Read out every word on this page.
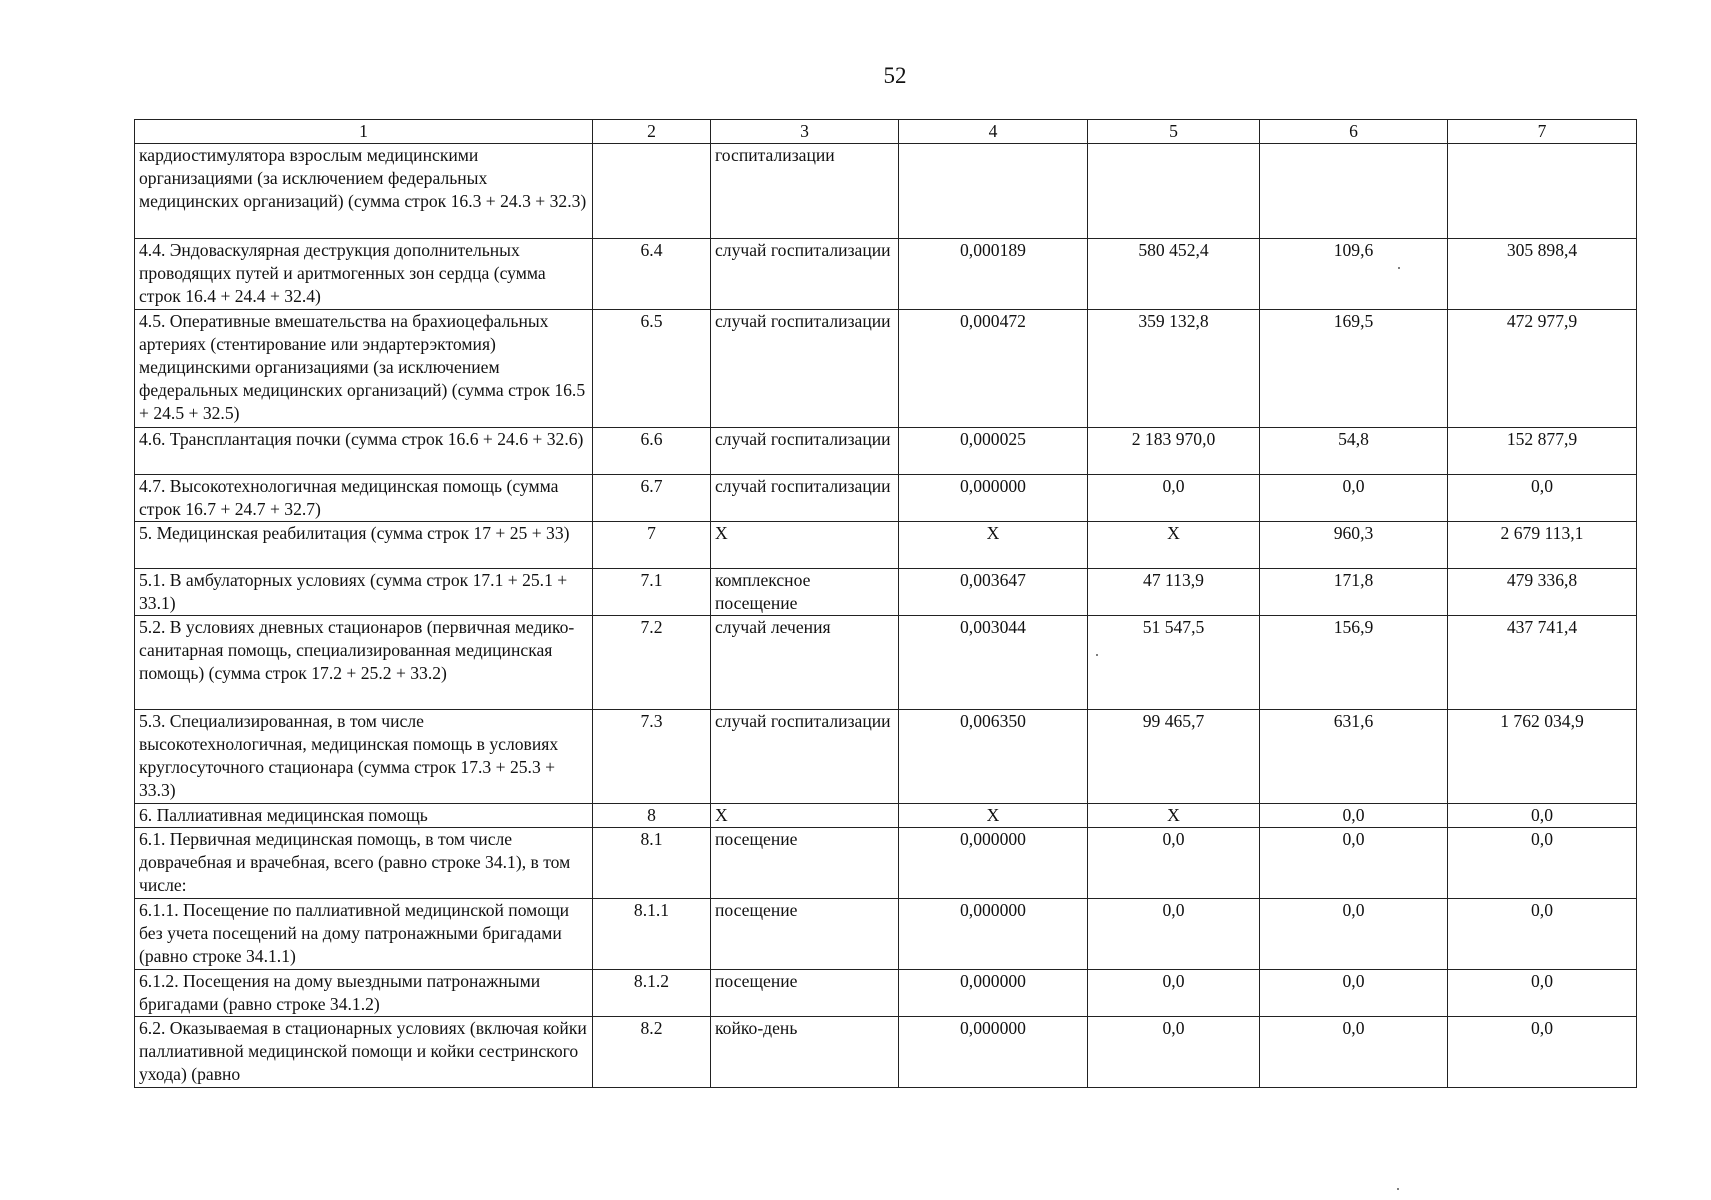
52
1	2	3	4	5	6	7
кардиостимулятора взрослым медицинскими организациями (за исключением федеральных медицинских организаций) (сумма строк 16.3 + 24.3 + 32.3)		госпитализации				
4.4. Эндоваскулярная деструкция дополнительных проводящих путей и аритмогенных зон сердца (сумма строк 16.4 + 24.4 + 32.4)	6.4	случай госпитализации	0,000189	580 452,4	109,6	305 898,4
4.5. Оперативные вмешательства на брахиоцефальных артериях (стентирование или эндартерэктомия) медицинскими организациями (за исключением федеральных медицинских организаций) (сумма строк 16.5 + 24.5 + 32.5)	6.5	случай госпитализации	0,000472	359 132,8	169,5	472 977,9
4.6. Трансплантация почки (сумма строк 16.6 + 24.6 + 32.6)	6.6	случай госпитализации	0,000025	2 183 970,0	54,8	152 877,9
4.7. Высокотехнологичная медицинская помощь (сумма строк 16.7 + 24.7 + 32.7)	6.7	случай госпитализации	0,000000	0,0	0,0	0,0
5. Медицинская реабилитация (сумма строк 17 + 25 + 33)	7	Х	Х	Х	960,3	2 679 113,1
5.1. В амбулаторных условиях (сумма строк 17.1 + 25.1 + 33.1)	7.1	комплексное посещение	0,003647	47 113,9	171,8	479 336,8
5.2. В условиях дневных стационаров (первичная медико-санитарная помощь, специализированная медицинская помощь) (сумма строк 17.2 + 25.2 + 33.2)	7.2	случай лечения	0,003044	51 547,5	156,9	437 741,4
5.3. Специализированная, в том числе высокотехнологичная, медицинская помощь в условиях круглосуточного стационара (сумма строк 17.3 + 25.3 + 33.3)	7.3	случай госпитализации	0,006350	99 465,7	631,6	1 762 034,9
6. Паллиативная медицинская помощь	8	Х	Х	Х	0,0	0,0
6.1. Первичная медицинская помощь, в том числе доврачебная и врачебная, всего (равно строке 34.1), в том числе:	8.1	посещение	0,000000	0,0	0,0	0,0
6.1.1. Посещение по паллиативной медицинской помощи без учета посещений на дому патронажными бригадами (равно строке 34.1.1)	8.1.1	посещение	0,000000	0,0	0,0	0,0
6.1.2. Посещения на дому выездными патронажными бригадами (равно строке 34.1.2)	8.1.2	посещение	0,000000	0,0	0,0	0,0
6.2. Оказываемая в стационарных условиях (включая койки паллиативной медицинской помощи и койки сестринского ухода) (равно	8.2	койко-день	0,000000	0,0	0,0	0,0
